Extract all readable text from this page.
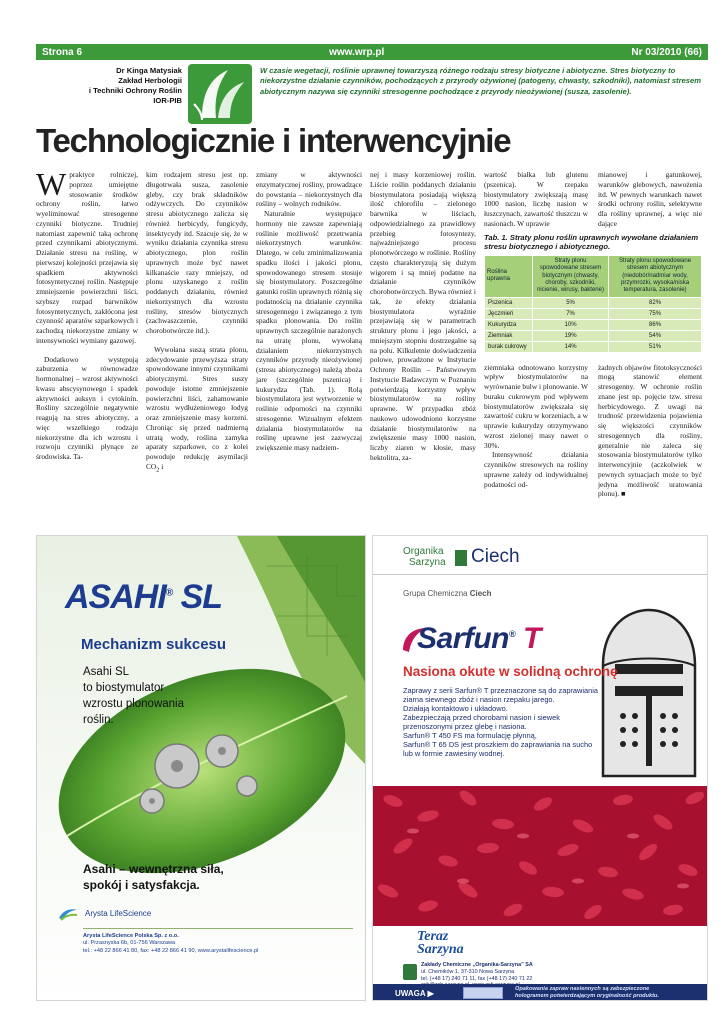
Strona 6	www.wrp.pl	Nr 03/2010 (66)
Dr Kinga Matysiak
Zakład Herbologii
i Techniki Ochrony Roślin
IOR-PIB
W czasie wegetacji, roślinie uprawnej towarzyszą różnego rodzaju stresy biotyczne i abiotyczne. Stres biotyczny to niekorzystne działanie czynników, pochodzących z przyrody ożywionej (patogeny, chwasty, szkodniki), natomiast stresem abiotycznym nazywa się czynniki stresogenne pochodzące z przyrody nieożywionej (susza, zasolenie).
Technologicznie i interwencyjnie

Wpraktyce rolniczej, poprzez umiejętne stosowanie środków ochrony roślin, łatwo wyeliminować stresogenne czynniki biotyczne. Trudniej natomiast zapewnić taką ochronę przed czynnikami abiotycznymi. Działanie stresu na roślinę, w pierwszej kolejności przejawia się spadkiem aktywności fotosyntetycznej roślin. Następuje zmniejszenie powierzchni liści, szybszy rozpad barwników fotosyntetycznych, zakłócona jest czynność aparatów szparkowych i zachodzą niekorzystne zmiany w intensywności wymiany gazowej.

Dodatkowo występują zaburzenia w równowadze hormonalnej – wzrost aktywności kwasu abscysynowego i spadek aktywności auksyn i cytokinin. Rośliny szczególnie negatywnie reagują na stres abiotyczny, a więc wszelkiego rodzaju niekorzystne dla ich wzrostu i rozwoju czynniki płynące ze środowiska. Ta-

kim rodzajem stresu jest np. długotrwała susza, zasolenie gleby, czy brak składników odżywczych. Do czynników stresu abiotycznego zalicza się również herbicydy, fungicydy, insektycydy itd. Szacuje się, że w wyniku działania czynnika stresu abiotycznego, plon roślin uprawnych może być nawet kilkanaście razy mniejszy, od plonu uzyskanego z roślin poddanych działaniu, również niekorzystnych dla wzrostu rośliny, stresów biotycznych (zachwaszczenie, czynniki chorobotwórcze itd.).

Wywołana suszą strata plonu, zdecydowanie przewyższa straty spowodowane innymi czynnikami abiotycznymi. Stres suszy powoduje istotne zmniejszenie powierzchni liści, zahamowanie wzrostu wydłużeniowego łodyg oraz zmniejszenie masy korzeni. Chroniąc się przed nadmierną utratą wody, roślina zamyka aparaty szparkowe, co z kolei powoduje redukcję asymilacji $CO_2$ i

zmiany w aktywności enzymatycznej rośliny, prowadzące do powstania – niekorzystnych dla rośliny – wolnych rodników.

Naturalnie występujące hormony nie zawsze zapewniają roślinie możliwość przetrwania niekorzystnych warunków. Dlatego, w celu zminimalizowania spadku ilości i jakości plonu, spowodowanego stresem stosuje się biostymulatory. Poszczególne gatunki roślin uprawnych różnią się podatnością na działanie czynnika stresogennego i związanego z tym spadku plonowania. Do roślin uprawnych szczególnie narażonych na utratę plonu, wywołaną działaniem niekorzystnych czynników przyrody nieożywionej (stresu abiotycznego) należą zboża jare (szczególnie pszenica) i kukurydza (Tab. 1). Rolą biostymulatora jest wytworzenie w roślinie odporności na czynniki stresogenne. Wizualnym efektem działania biostymulatorów na roślinę uprawne jest zazwyczaj zwiększenie masy nadziem-

nej i masy korzeniowej roślin. Liście roślin poddanych działaniu biostymulatora posiadają większą ilość chlorofilu – zielonego barwnika w liściach, odpowiedzialnego za prawidłowy przebieg fotosyntezy, najważniejszego procesu plonotwórczego w roślinie. Rośliny często charakteryzują się dużym wigorem i są mniej podatne na działanie czynników chorobotwórczych. Bywa również i tak, że efekty działania biostymulatora wyraźnie przejawiają się w parametrach struktury plonu i jego jakości, a mniejszym stopniu dostrzegalne są na polu. Kilkuletnie doświadczenia polowe, prowadzone w Instytucie Ochrony Roślin – Państwowym Instytucie Badawczym w Poznaniu potwierdzają korzystny wpływ biostymulatorów na rośliny uprawne. W przypadku zbóż naukowo udowodniono korzystne działanie biostymulatorów na zwiększenie masy 1000 nasion, liczby ziaren w kłosie, masy hektolitra, za-

wartość białka lub glutenu (pszenica). W rzepaku biostymulatory zwiększają masę 1000 nasion, liczbę nasion w łuszczynach, zawartość tłuszczu w nasionach. W uprawie

mianowej i gatunkowej, warunków glebowych, nawożenia itd. W pewnych warunkach nawet środki ochrony roślin, selektywne dla rośliny uprawnej, a więc nie dające

Tab. 1. Straty plonu roślin uprawnych wywołane działaniem stresu biotycznego i abiotycznego.
Roślina uprawna	Straty plonu spowodowane stresem biotycznym (chwasty, choroby, szkodniki, nicienie, wirusy, bakterie)	Straty plonu spowodowane stresem abiotycznym (niedobór/nadmiar wody, przymrozki, wysoka/niska temperatura, zasolenie)
Pszenica	5%	82%
Jęczmień	7%	75%
Kukurydza	10%	86%
Ziemniak	19%	54%
burak cukrowy	14%	51%

ziemniaka odnotowano korzystny wpływ biostymulatorów na wyrównanie bulw i plonowanie. W buraku cukrowym pod wpływem biostymulatorów zwiększała się zawartość cukru w korzeniach, a w uprawie kukurydzy otrzymywano wzrost zielonej masy nawet o 30%.

Intensywność działania czynników stresowych na rośliny uprawne zależy od indywidualnej podatności od-

żadnych objawów fitotoksyczności mogą stanowić element stresogenny. W ochronie roślin znane jest np. pojęcie tzw. stresu herbicydowego. Z uwagi na trudność przewidzenia pojawienia się większości czynników stresogennych dla rośliny, generalnie nie zaleca się stosowania biostymulatorów tylko interwencyjnie (aczkolwiek w pewnych sytuacjach może to być jedyna możliwość uratowania plonu). ■

ASAHI® SL
Mechanizm sukcesu
Asahi SL
to biostymulator
wzrostu plonowania
roślin.
Asahi – wewnętrzna siła,
spokój i satysfakcja.
Arysta LifeScience
Arysta LifeScience Polska Sp. z o.o.
ul. Przasnyska 6b, 01-756 Warszawa
tel.: +48 22 866 41 80, fax: +48 22 866 41 90, www.arystalifescience.pl
Organika
Sarzyna Ciech
Grupa Chemiczna Ciech
Sarfun® T
Nasiona okute w solidną ochronę
Zaprawy z serii Sarfun® T przeznaczone są do zaprawiania
ziarna siewnego zbóż i nasion rzepaku jarego.
Działają kontaktowo i układowo.
Zabezpieczają przed chorobami nasion i siewek
przenoszonymi przez glebę i nasiona.
Sarfun® T 450 FS ma formulację płynną,
Sarfun® T 65 DS jest proszkiem do zaprawiania na sucho
lub w formie zawiesiny wodnej.
Teraz
Sarzyna
Zakłady Chemiczne „Organika-Sarzyna” SA
ul. Chemików 1, 37-310 Nowa Sarzyna
tel. (+48 17) 240 71 11, fax (+48 17) 240 71 22
UWAGA ▶	Opakowania zapraw nasiennych są zabezpieczone
hologramem potwierdzającym oryginalność produktu.
